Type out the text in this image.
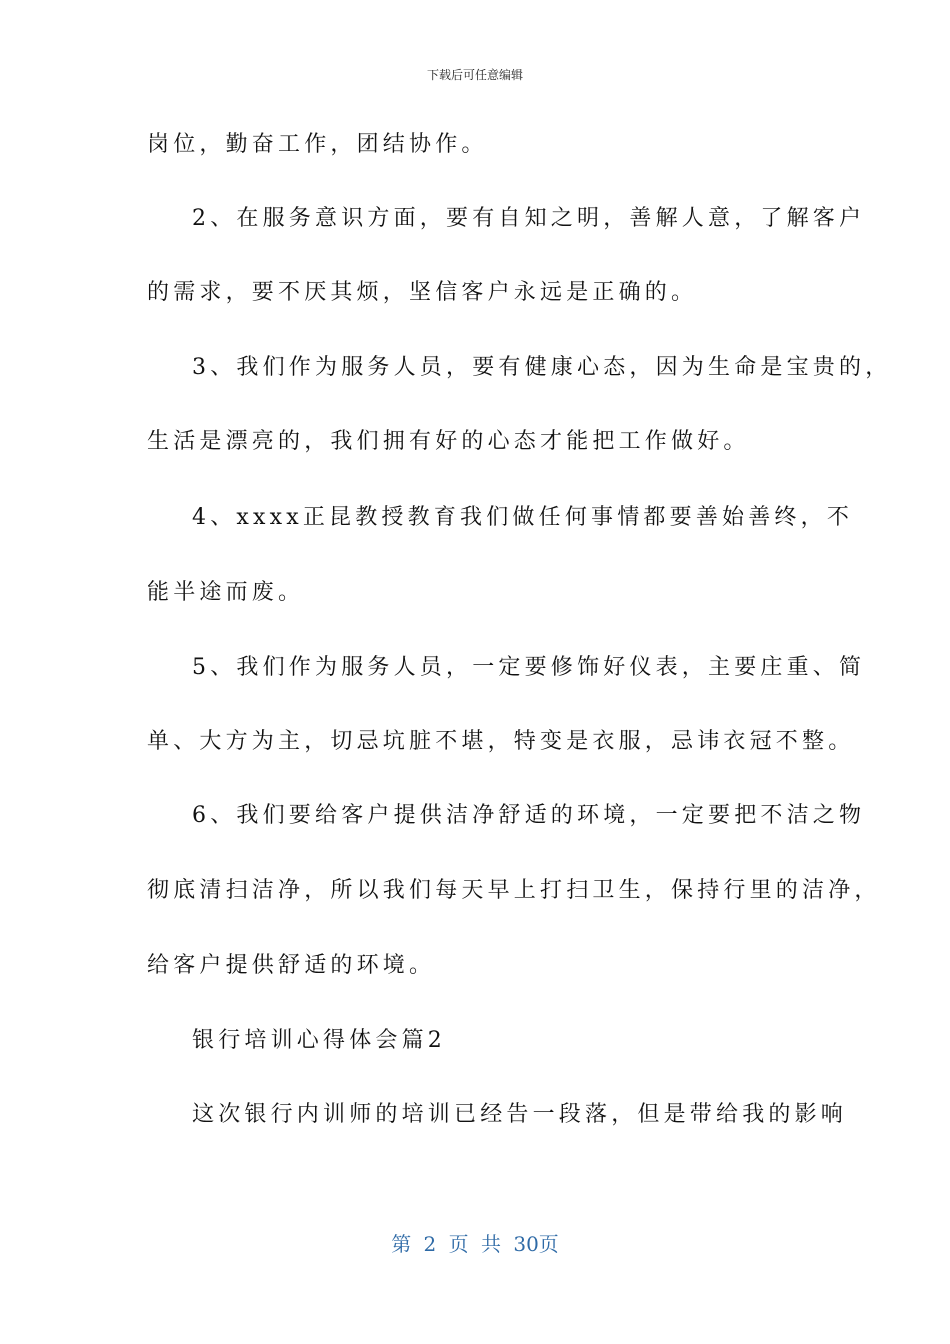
下载后可任意编辑
岗位，勤奋工作，团结协作。
2、在服务意识方面，要有自知之明，善解人意，了解客户
的需求，要不厌其烦，坚信客户永远是正确的。
3、我们作为服务人员，要有健康心态，因为生命是宝贵的，
生活是漂亮的，我们拥有好的心态才能把工作做好。
4、xxxx正昆教授教育我们做任何事情都要善始善终，不
能半途而废。
5、我们作为服务人员，一定要修饰好仪表，主要庄重、简
单、大方为主，切忌坑脏不堪，特变是衣服，忌讳衣冠不整。
6、我们要给客户提供洁净舒适的环境，一定要把不洁之物
彻底清扫洁净，所以我们每天早上打扫卫生，保持行里的洁净，
给客户提供舒适的环境。
银行培训心得体会篇2
这次银行内训师的培训已经告一段落，但是带给我的影响
第 2 页 共 30页
